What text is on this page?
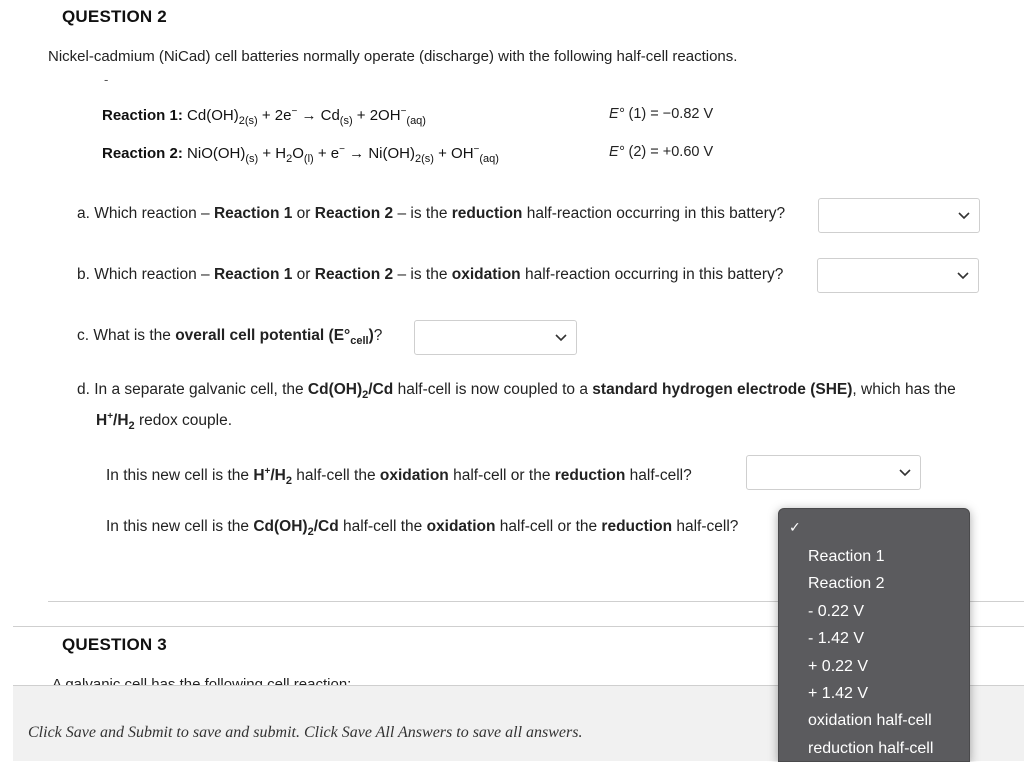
QUESTION 2
Nickel-cadmium (NiCad) cell batteries normally operate (discharge) with the following half-cell reactions.
-
Reaction 1: $Cd(OH)_{2(s)} + 2e^- \to Cd_{(s)} + 2OH^-_{(aq)}$	E° (1) = −0.82 V
Reaction 2: $NiO(OH)_{(s)} + H_2O_{(l)} + e^- \to Ni(OH)_{2(s)} + OH^-_{(aq)}$	E° (2) = +0.60 V
a. Which reaction – Reaction 1 or Reaction 2 – is the reduction half-reaction occurring in this battery?
b. Which reaction – Reaction 1 or Reaction 2 – is the oxidation half-reaction occurring in this battery?
c. What is the overall cell potential $(E^\circ_{cell})$?
d. In a separate galvanic cell, the $Cd(OH)_2/Cd$ half-cell is now coupled to a standard hydrogen electrode (SHE), which has the
$H^+/H_2$ redox couple.
In this new cell is the $H^+/H_2$ half-cell the oxidation half-cell or the reduction half-cell?
In this new cell is the $Cd(OH)_2/Cd$ half-cell the oxidation half-cell or the reduction half-cell?
QUESTION 3
Click Save and Submit to save and submit. Click Save All Answers to save all answers.
✓
Reaction 1
Reaction 2
- 0.22 V
- 1.42 V
+ 0.22 V
+ 1.42 V
oxidation half-cell
reduction half-cell
